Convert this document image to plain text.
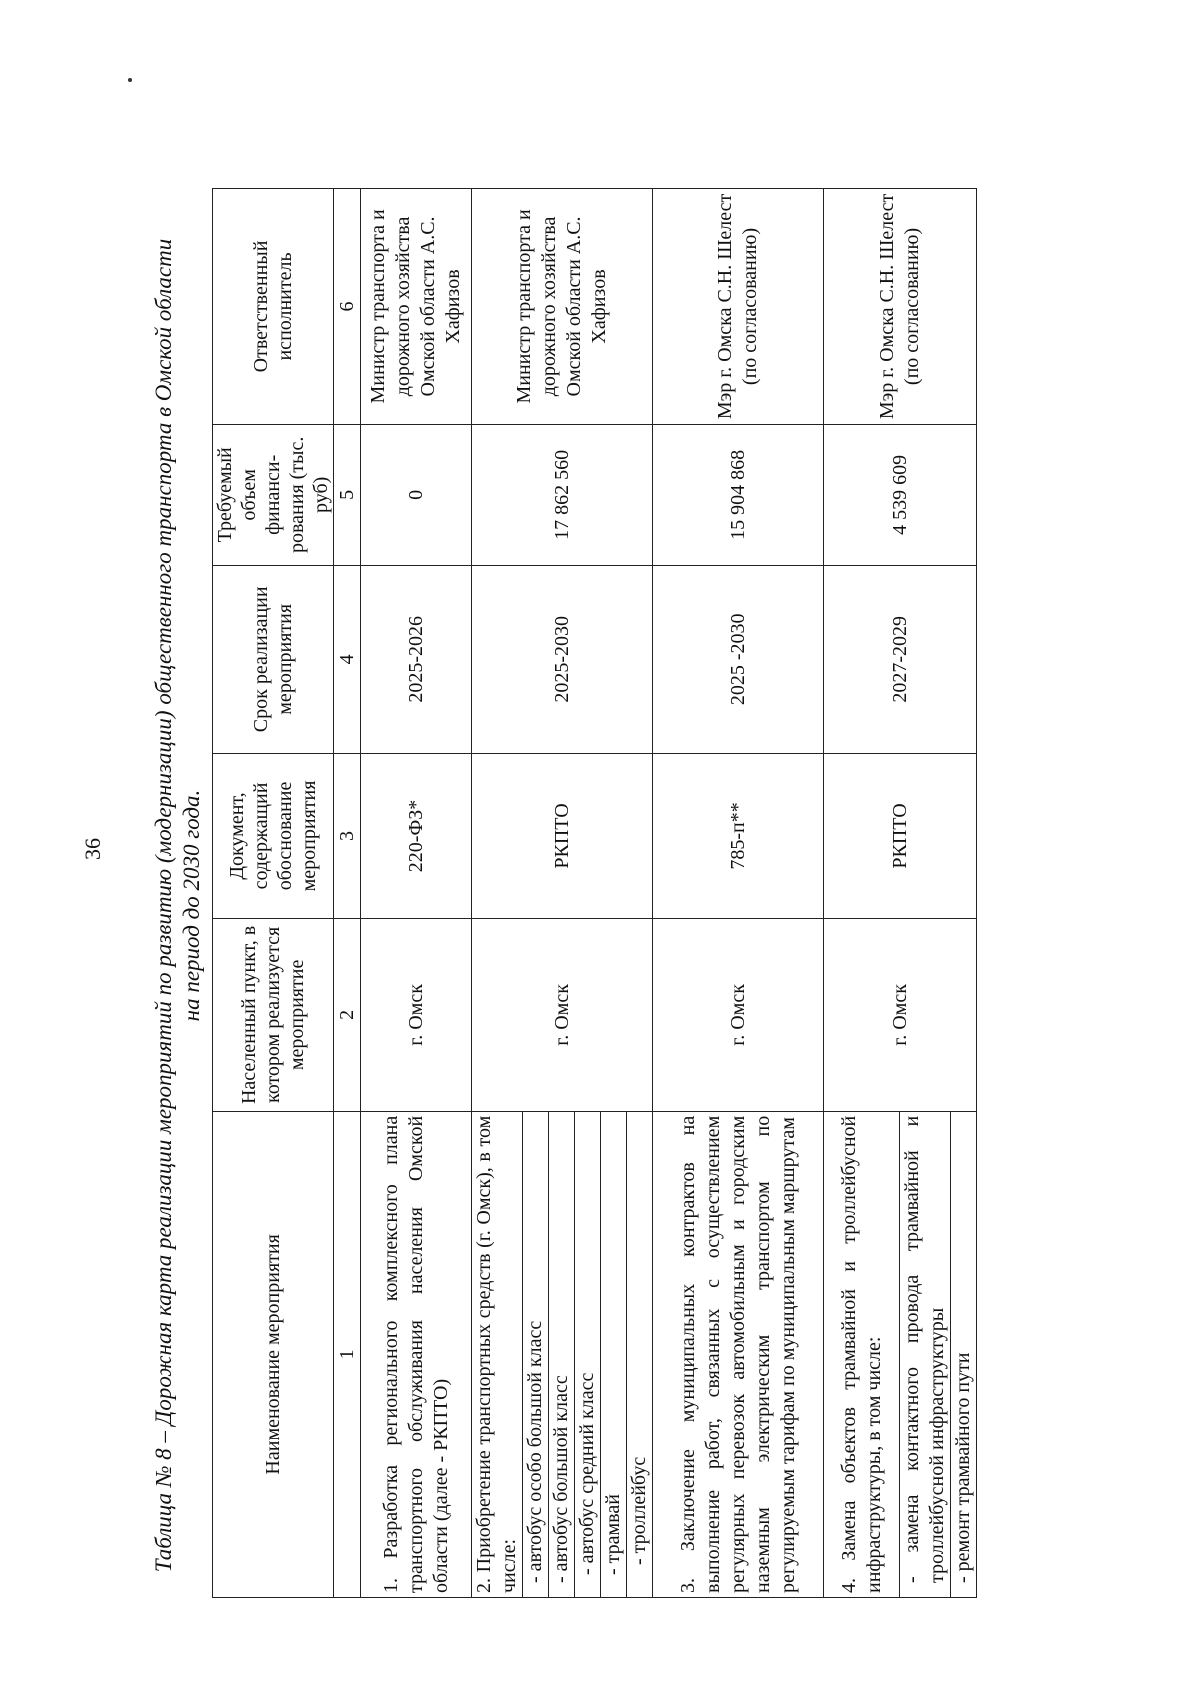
36 Таблица № 8 – Дорожная карта реализации мероприятий по развитию (модернизации) общественного транспорта в Омской области на период до 2030 года.
Наименование мероприятия	Населенный пункт, в котором реализуется мероприятие	Документ, содержащий обоснование мероприятия	Срок реализации мероприятия	Требуемый объем финанси-рования (тыс. руб)	Ответственный исполнитель
1	2	3	4	5	6
1. Разработка регионального комплексного плана транспортного обслуживания населения Омской области (далее - РКПТО)	г. Омск	220-ФЗ*	2025-2026	0	Министр транспорта и дорожного хозяйства Омской области А.С. Хафизов
2. Приобретение транспортных средств (г. Омск), в том числе:	г. Омск	РКПТО	2025-2030	17 862 560	Министр транспорта и дорожного хозяйства Омской области А.С. Хафизов
- автобус особо большой класс					
- автобус большой класс					
- автобус средний класс					
- трамвай					
- троллейбус					
3. Заключение муниципальных контрактов на выполнение работ, связанных с осуществлением регулярных перевозок автомобильным и городским наземным электрическим транспортом по регулируемым тарифам по муниципальным маршрутам	г. Омск	785-п**	2025 -2030	15 904 868	Мэр г. Омска С.Н. Шелест (по согласованию)
4. Замена объектов трамвайной и троллейбусной инфраструктуры, в том числе:	г. Омск	РКПТО	2027-2029	4 539 609	Мэр г. Омска С.Н. Шелест (по согласованию)
- замена контактного провода трамвайной и троллейбусной инфраструктуры					
- ремонт трамвайного пути					
